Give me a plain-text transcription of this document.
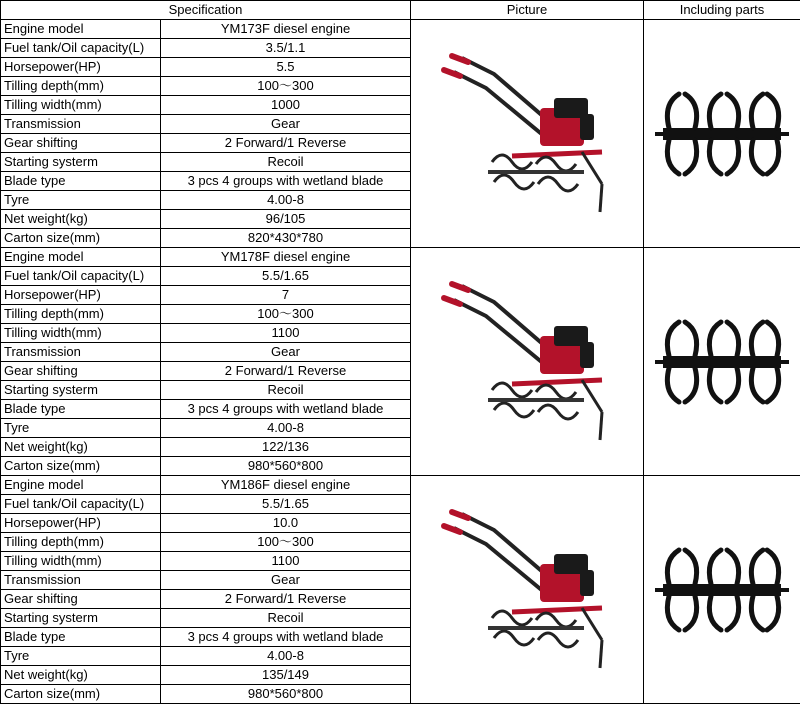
Specification		Picture	Including parts
Engine model	YM173F diesel engine	

Fuel tank/Oil capacity(L)	3.5/1.1		
Horsepower(HP)	5.5		
Tilling depth(mm)	100～300		
Tilling width(mm)	1000		
Transmission	Gear		
Gear shifting	2 Forward/1 Reverse		
Starting systerm	Recoil		
Blade type	3 pcs 4 groups with wetland blade		
Tyre	4.00-8		
Net weight(kg)	96/105		
Carton size(mm)	820*430*780		
Engine model	YM178F diesel engine	

Fuel tank/Oil capacity(L)	5.5/1.65		
Horsepower(HP)	7		
Tilling depth(mm)	100～300		
Tilling width(mm)	1100		
Transmission	Gear		
Gear shifting	2 Forward/1 Reverse		
Starting systerm	Recoil		
Blade type	3 pcs 4 groups with wetland blade		
Tyre	4.00-8		
Net weight(kg)	122/136		
Carton size(mm)	980*560*800		
Engine model	YM186F diesel engine	

Fuel tank/Oil capacity(L)	5.5/1.65		
Horsepower(HP)	10.0		
Tilling depth(mm)	100～300		
Tilling width(mm)	1100		
Transmission	Gear		
Gear shifting	2 Forward/1 Reverse		
Starting systerm	Recoil		
Blade type	3 pcs 4 groups with wetland blade		
Tyre	4.00-8		
Net weight(kg)	135/149		
Carton size(mm)	980*560*800		
